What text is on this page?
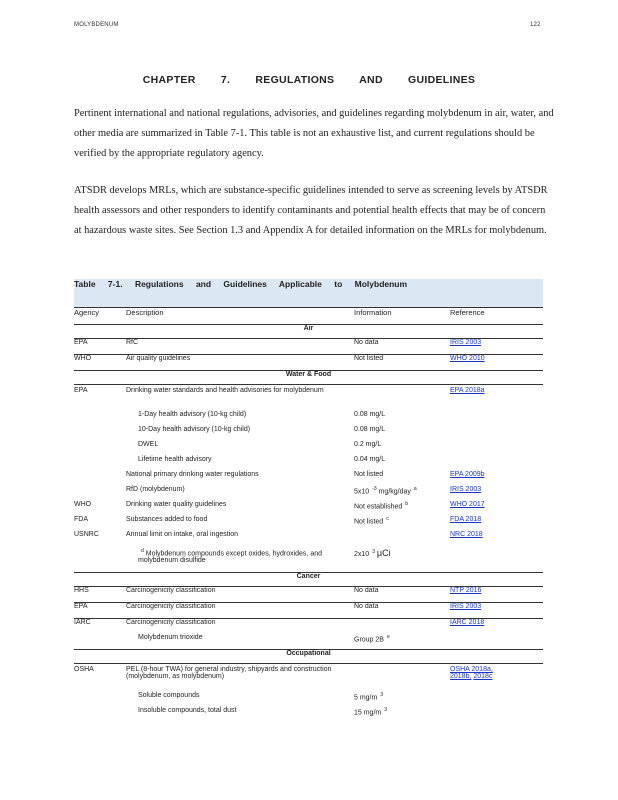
MOLYBDENUM	122
CHAPTER 7. REGULATIONS AND GUIDELINES

Pertinent international and national regulations, advisories, and guidelines regarding molybdenum in air, water, and other media are summarized in Table 7-1. This table is not an exhaustive list, and current regulations should be verified by the appropriate regulatory agency.

ATSDR develops MRLs, which are substance-specific guidelines intended to serve as screening levels by ATSDR health assessors and other responders to identify contaminants and potential health effects that may be of concern at hazardous waste sites. See Section 1.3 and Appendix A for detailed information on the MRLs for molybdenum.

Table 7-1. Regulations and Guidelines Applicable to Molybdenum			
Agency	Description	Information	Reference
Air			
EPA	RfC	No data	IRIS 2003
WHO	Air quality guidelines	Not listed	WHO 2010
Water & Food			
EPA	Drinking water standards and health advisories for molybdenum		EPA 2018a
	1-Day health advisory (10-kg child)	0.08 mg/L	
	10-Day health advisory (10-kg child)	0.08 mg/L	
	DWEL	0.2 mg/L	
	Lifetime health advisory	0.04 mg/L	
	National primary drinking water regulations	Not listed	EPA 2009b
	RfD (molybdenum)	5x10 $^{-3}$ mg/kg/day $^a$	IRIS 2003
WHO	Drinking water quality guidelines	Not established $^b$	WHO 2017
FDA	Substances added to food	Not listed $^c$	FDA 2018
USNRC	Annual limit on intake, oral ingestion		NRC 2018
	$^d$ Molybdenum compounds except oxides, hydroxides, and molybdenum disulfide	2x10 $^3$ μCi	
Cancer			
HHS	Carcinogenicity classification	No data	NTP 2016
EPA	Carcinogenicity classification	No data	IRIS 2003
IARC	Carcinogenicity classification		IARC 2018
	Molybdenum trioxide	Group 2B $^e$	
Occupational			
OSHA	PEL (8-hour TWA) for general industry, shipyards and construction (molybdenum, as molybdenum)		OSHA 2018a,
2018b, 2018c
	Soluble compounds	5 mg/m $^3$	
	Insoluble compounds, total dust	15 mg/m $^3$	
